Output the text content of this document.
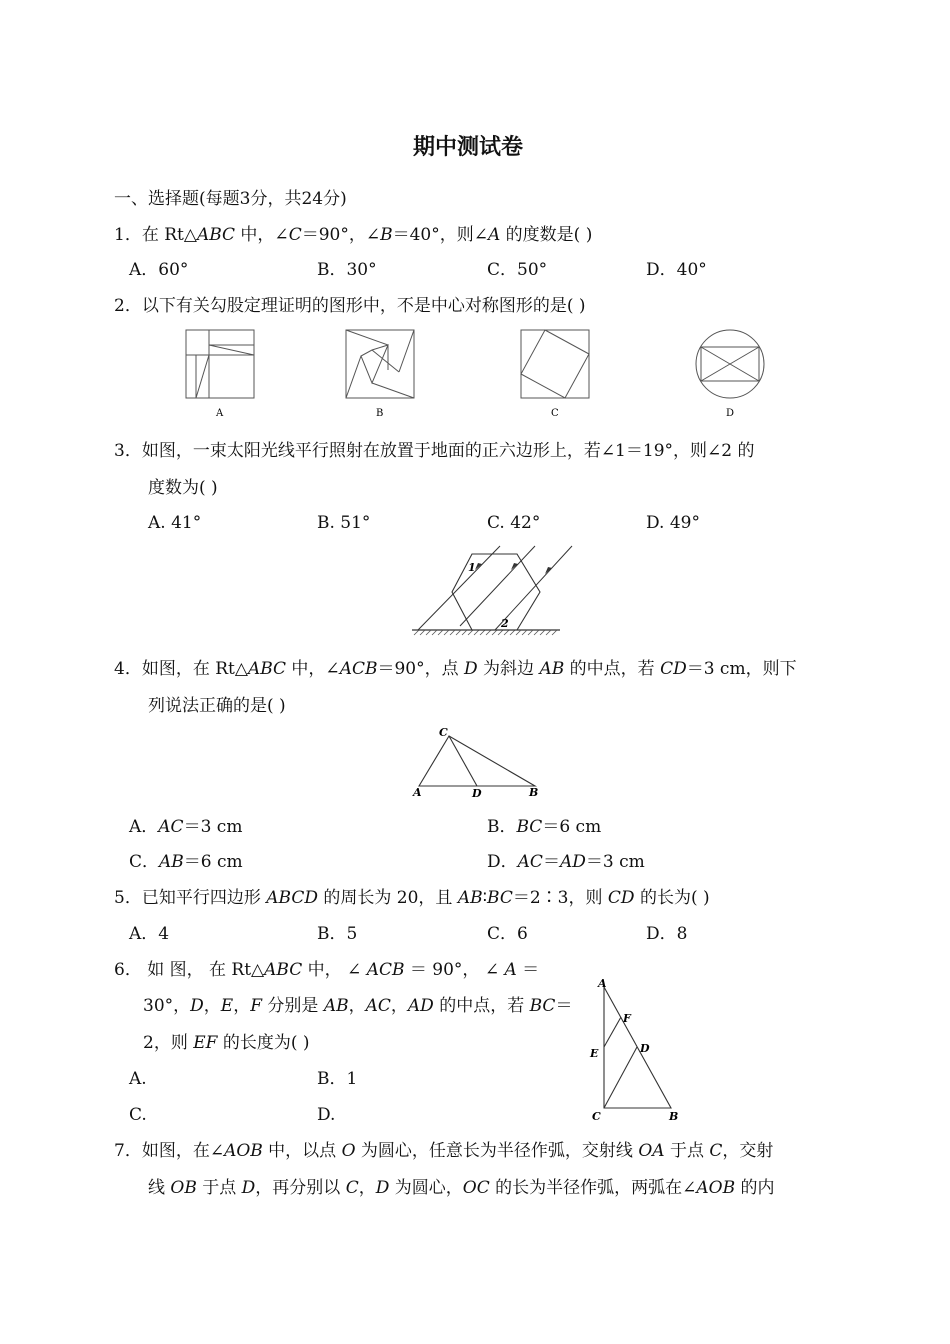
期中测试卷
一、选择题(每题3分，共24分)
1．在 Rt△ABC 中，∠C＝90°，∠B＝40°，则∠A 的度数是( )
A．60°	B．30°	C．50°	D．40°
2．以下有关勾股定理证明的图形中，不是中心对称图形的是( )
A	B	C	D
3．如图，一束太阳光线平行照射在放置于地面的正六边形上，若∠1＝19°，则∠2 的
度数为( )
A. 41°	B. 51°	C. 42°	D. 49°
1
2
4．如图，在 Rt△ABC 中，∠ACB＝90°，点 D 为斜边 AB 的中点，若 CD＝3 cm，则下
列说法正确的是( )
C
A	D	B
A．AC＝3 cm	B．BC＝6 cm
C．AB＝6 cm	D．AC＝AD＝3 cm
5．已知平行四边形 ABCD 的周长为 20，且 AB∶BC＝2∶3，则 CD 的长为( )
A．4	B．5	C．6	D．8
6． 如 图， 在 Rt△ABC 中， ∠ ACB ＝ 90°， ∠ A ＝
30°，D，E，F 分别是 AB，AC，AD 的中点，若 BC＝
2，则 EF 的长度为( )
A.	B．1
C.	D.
A
F
E	D
C	B
7．如图，在∠AOB 中，以点 O 为圆心，任意长为半径作弧，交射线 OA 于点 C，交射
线 OB 于点 D，再分别以 C，D 为圆心，OC 的长为半径作弧，两弧在∠AOB 的内
